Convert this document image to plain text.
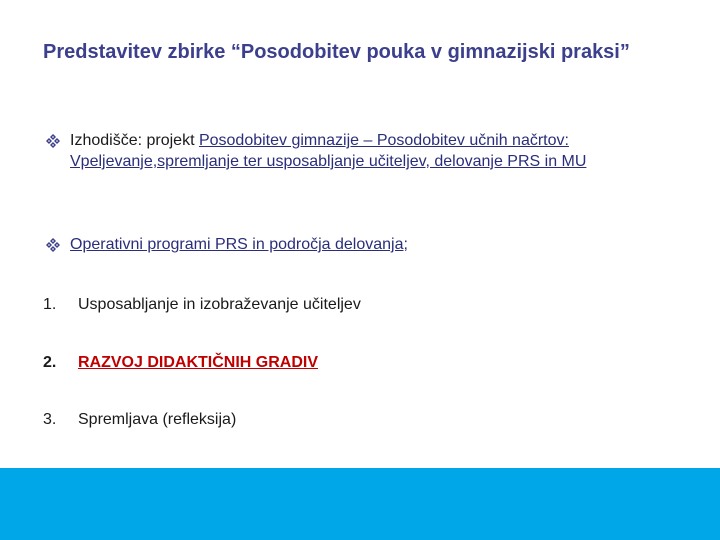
Predstavitev zbirke “Posodobitev pouka v gimnazijski praksi”
Izhodišče: projekt Posodobitev gimnazije – Posodobitev učnih načrtov: Vpeljevanje,spremljanje ter usposabljanje učiteljev, delovanje PRS in MU
Operativni programi PRS in področja delovanja;
1. Usposabljanje in izobraževanje učiteljev
2. RAZVOJ DIDAKTIČNIH GRADIV
3. Spremljava (refleksija)
